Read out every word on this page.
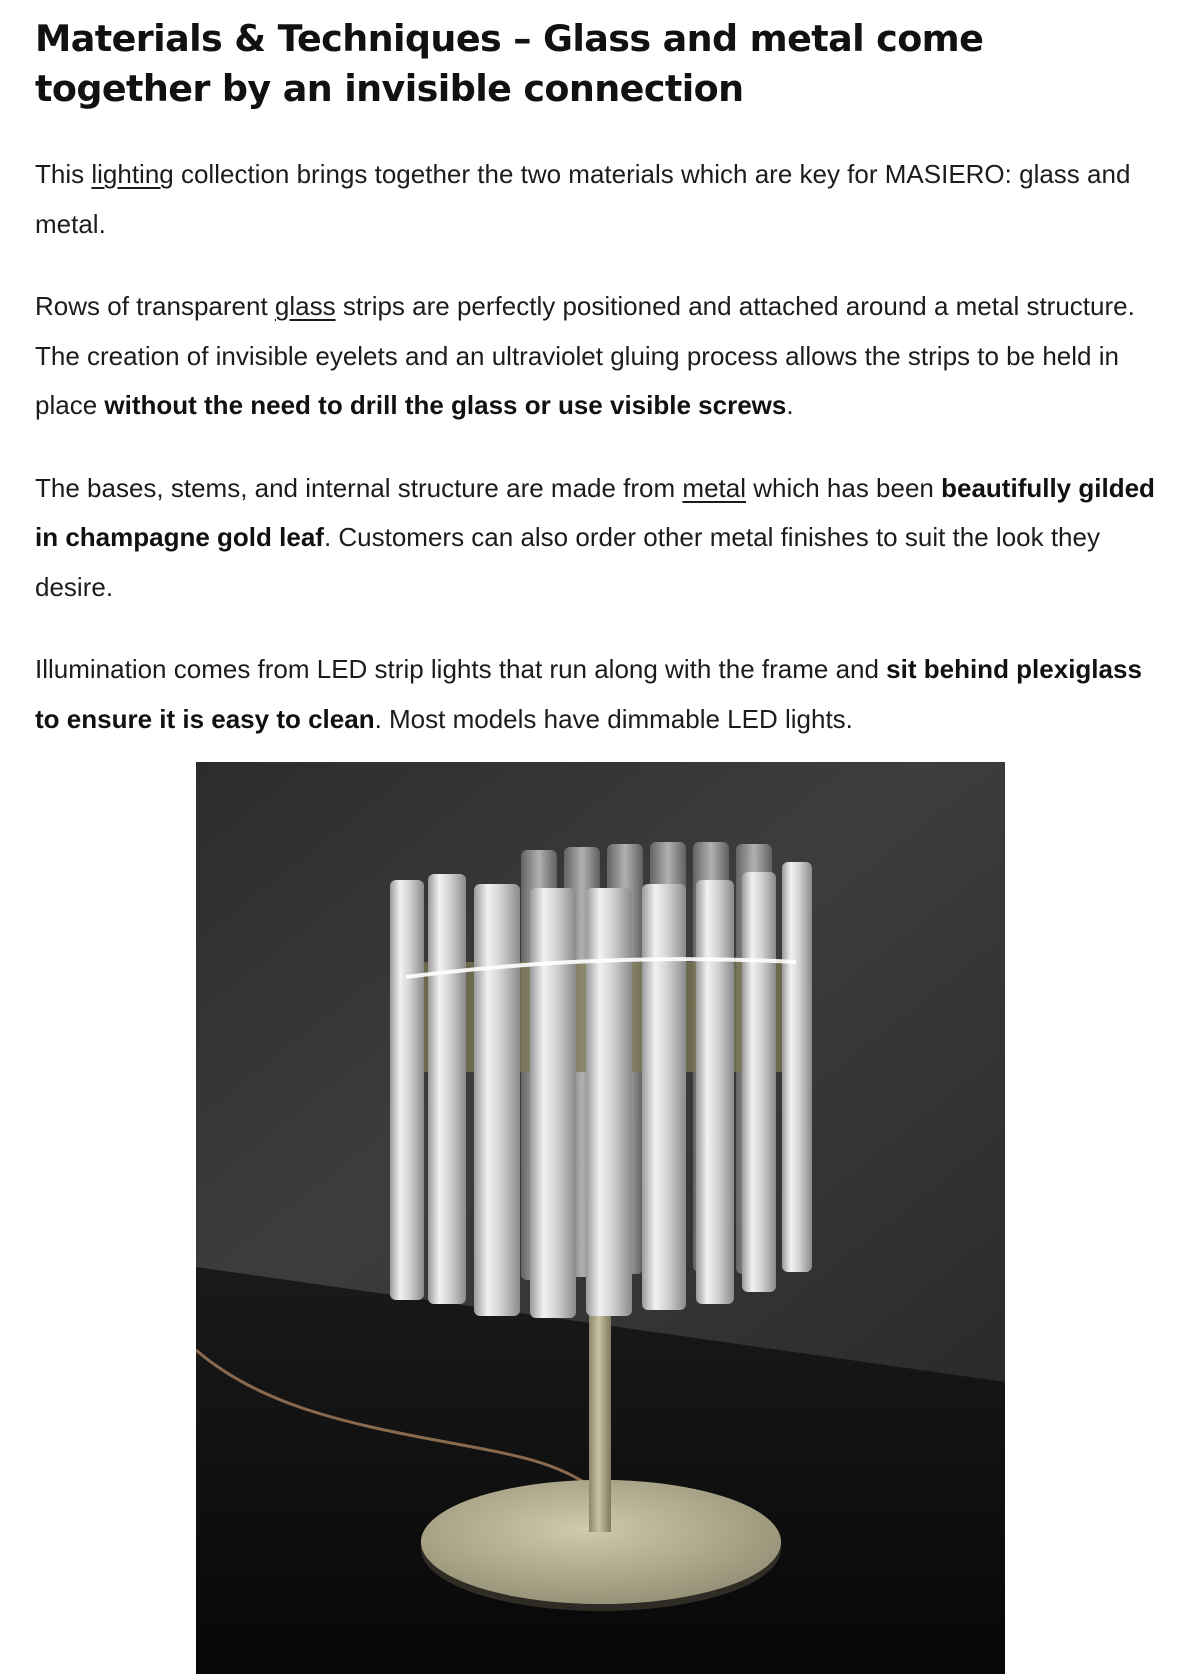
Materials & Techniques – Glass and metal come together by an invisible connection

This lighting collection brings together the two materials which are key for MASIERO: glass and metal.

Rows of transparent glass strips are perfectly positioned and attached around a metal structure. The creation of invisible eyelets and an ultraviolet gluing process allows the strips to be held in place without the need to drill the glass or use visible screws.

The bases, stems, and internal structure are made from metal which has been beautifully gilded in champagne gold leaf. Customers can also order other metal finishes to suit the look they desire.

Illumination comes from LED strip lights that run along with the frame and sit behind plexiglass to ensure it is easy to clean. Most models have dimmable LED lights.
